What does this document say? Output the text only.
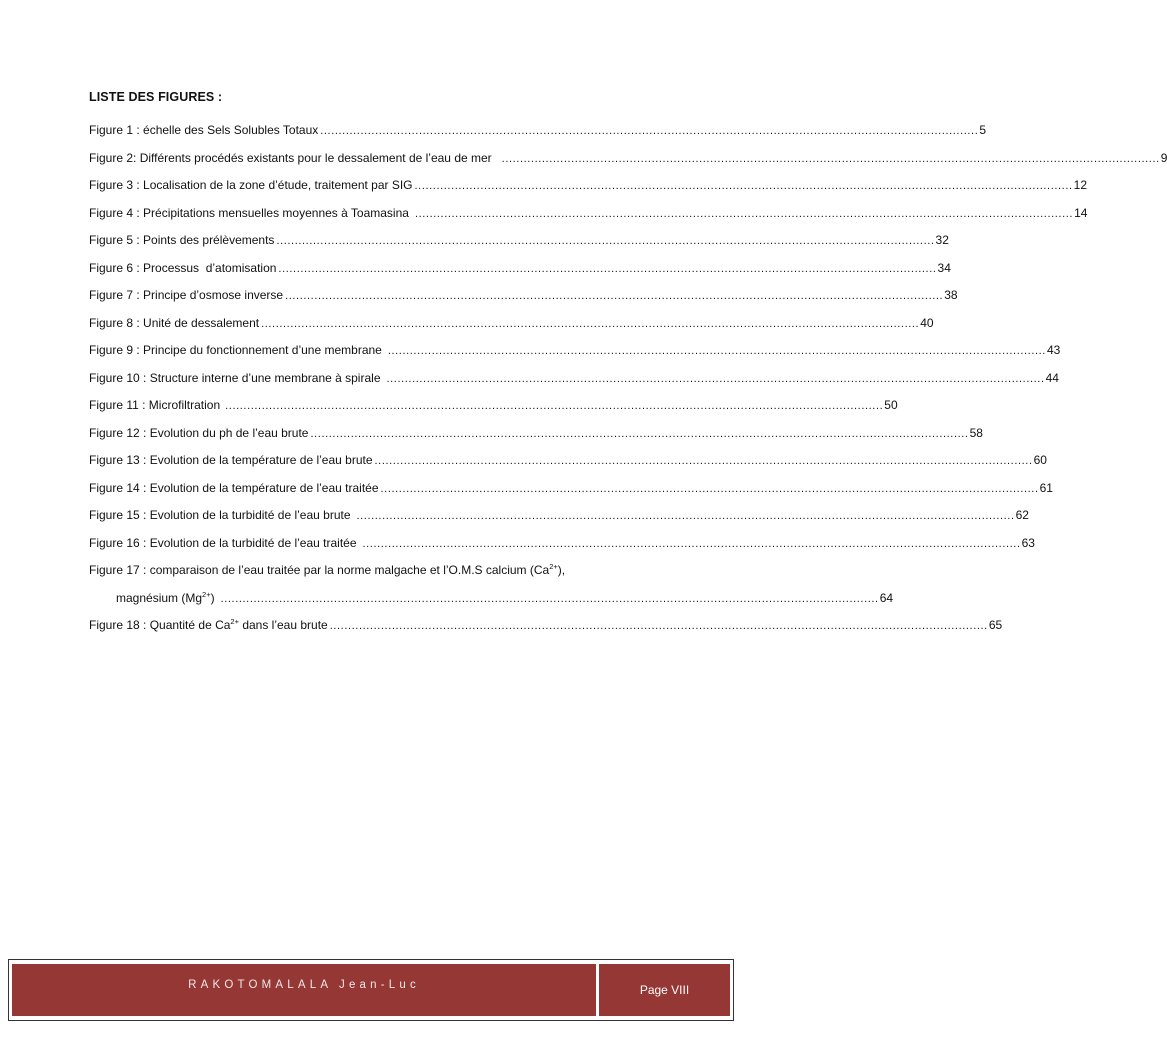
LISTE DES FIGURES :
Figure 1 : échelle des Sels Solubles Totaux .................................................................................................................................................................................... 5
Figure 2: Différents procédés existants pour le dessalement de l’eau de mer .................................................................................................................................................................................... 9
Figure 3 : Localisation de la zone d’étude, traitement par SIG .................................................................................................................................................................................... 12
Figure 4 : Précipitations mensuelles moyennes à Toamasina .................................................................................................................................................................................... 14
Figure 5 : Points des prélèvements .................................................................................................................................................................................... 32
Figure 6 : Processus  d’atomisation .................................................................................................................................................................................... 34
Figure 7 : Principe d’osmose inverse .................................................................................................................................................................................... 38
Figure 8 : Unité de dessalement .................................................................................................................................................................................... 40
Figure 9 : Principe du fonctionnement d’une membrane .................................................................................................................................................................................... 43
Figure 10 : Structure interne d’une membrane à spirale .................................................................................................................................................................................... 44
Figure 11 : Microfiltration .................................................................................................................................................................................... 50
Figure 12 : Evolution du ph de l’eau brute .................................................................................................................................................................................... 58
Figure 13 : Evolution de la température de l’eau brute .................................................................................................................................................................................... 60
Figure 14 : Evolution de la température de l’eau traitée .................................................................................................................................................................................... 61
Figure 15 : Evolution de la turbidité de l’eau brute .................................................................................................................................................................................... 62
Figure 16 : Evolution de la turbidité de l’eau traitée .................................................................................................................................................................................... 63
Figure 17 : comparaison de l’eau traitée par la norme malgache et l’O.M.S calcium $(Ca^{2+})$,
magnésium $(Mg^{2+})$ .................................................................................................................................................................................... 64
Figure 18 : Quantité de $Ca^{2+}$ dans l’eau brute .................................................................................................................................................................................... 65
RAKOTOMALALA Jean-Luc	Page VIII
